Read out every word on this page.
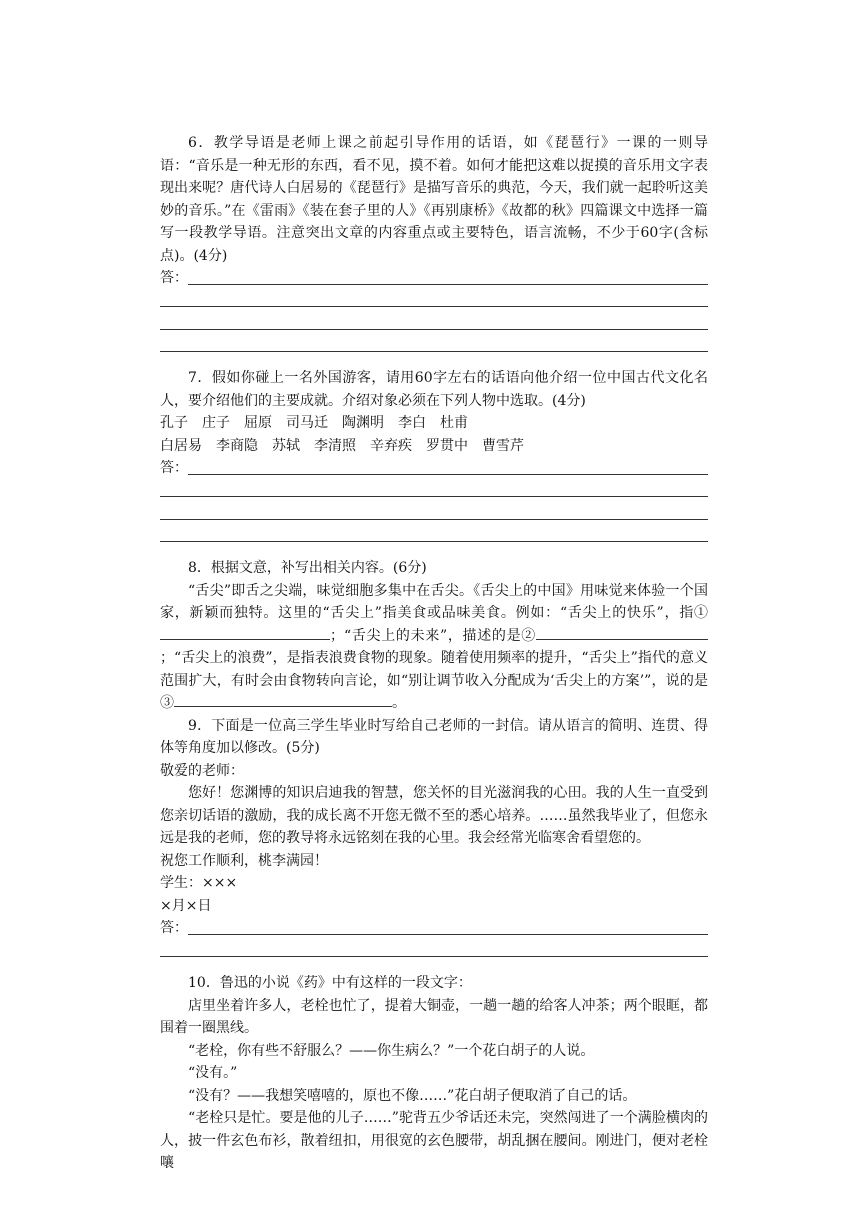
6．教学导语是老师上课之前起引导作用的话语，如《琵琶行》一课的一则导语：“音乐是一种无形的东西，看不见，摸不着。如何才能把这难以捉摸的音乐用文字表现出来呢？唐代诗人白居易的《琵琶行》是描写音乐的典范，今天，我们就一起聆听这美妙的音乐。”在《雷雨》《装在套子里的人》《再别康桥》《故都的秋》四篇课文中选择一篇写一段教学导语。注意突出文章的内容重点或主要特色，语言流畅，不少于60字(含标点)。(4分)

答：

7．假如你碰上一名外国游客，请用60字左右的话语向他介绍一位中国古代文化名人，要介绍他们的主要成就。介绍对象必须在下列人物中选取。(4分)

孔子　庄子　屈原　司马迁　陶渊明　李白　杜甫

白居易　李商隐　苏轼　李清照　辛弃疾　罗贯中　曹雪芹

答：

8．根据文意，补写出相关内容。(6分)

“舌尖”即舌之尖端，味觉细胞多集中在舌尖。《舌尖上的中国》用味觉来体验一个国家，新颖而独特。这里的“舌尖上”指美食或品味美食。例如：“舌尖上的快乐”，指①；“舌尖上的未来”，描述的是②；“舌尖上的浪费”，是指表浪费食物的现象。随着使用频率的提升，“舌尖上”指代的意义范围扩大，有时会由食物转向言论，如“别让调节收入分配成为‘舌尖上的方案’”，说的是③	。

9．下面是一位高三学生毕业时写给自己老师的一封信。请从语言的简明、连贯、得体等角度加以修改。(5分)

敬爱的老师：

您好！您渊博的知识启迪我的智慧，您关怀的目光滋润我的心田。我的人生一直受到您亲切话语的激励，我的成长离不开您无微不至的悉心培养。……虽然我毕业了，但您永远是我的老师，您的教导将永远铭刻在我的心里。我会经常光临寒舍看望您的。

祝您工作顺利，桃李满园！

学生：×××

×月×日

答：

10．鲁迅的小说《药》中有这样的一段文字：

店里坐着许多人，老栓也忙了，提着大铜壶，一趟一趟的给客人冲茶；两个眼眶，都围着一圈黑线。

“老栓，你有些不舒服么？——你生病么？”一个花白胡子的人说。

“没有。”

“没有？——我想笑嘻嘻的，原也不像……”花白胡子便取消了自己的话。

“老栓只是忙。要是他的儿子……”驼背五少爷话还未完，突然闯进了一个满脸横肉的人，披一件玄色布衫，散着纽扣，用很宽的玄色腰带，胡乱捆在腰间。刚进门，便对老栓嚷
